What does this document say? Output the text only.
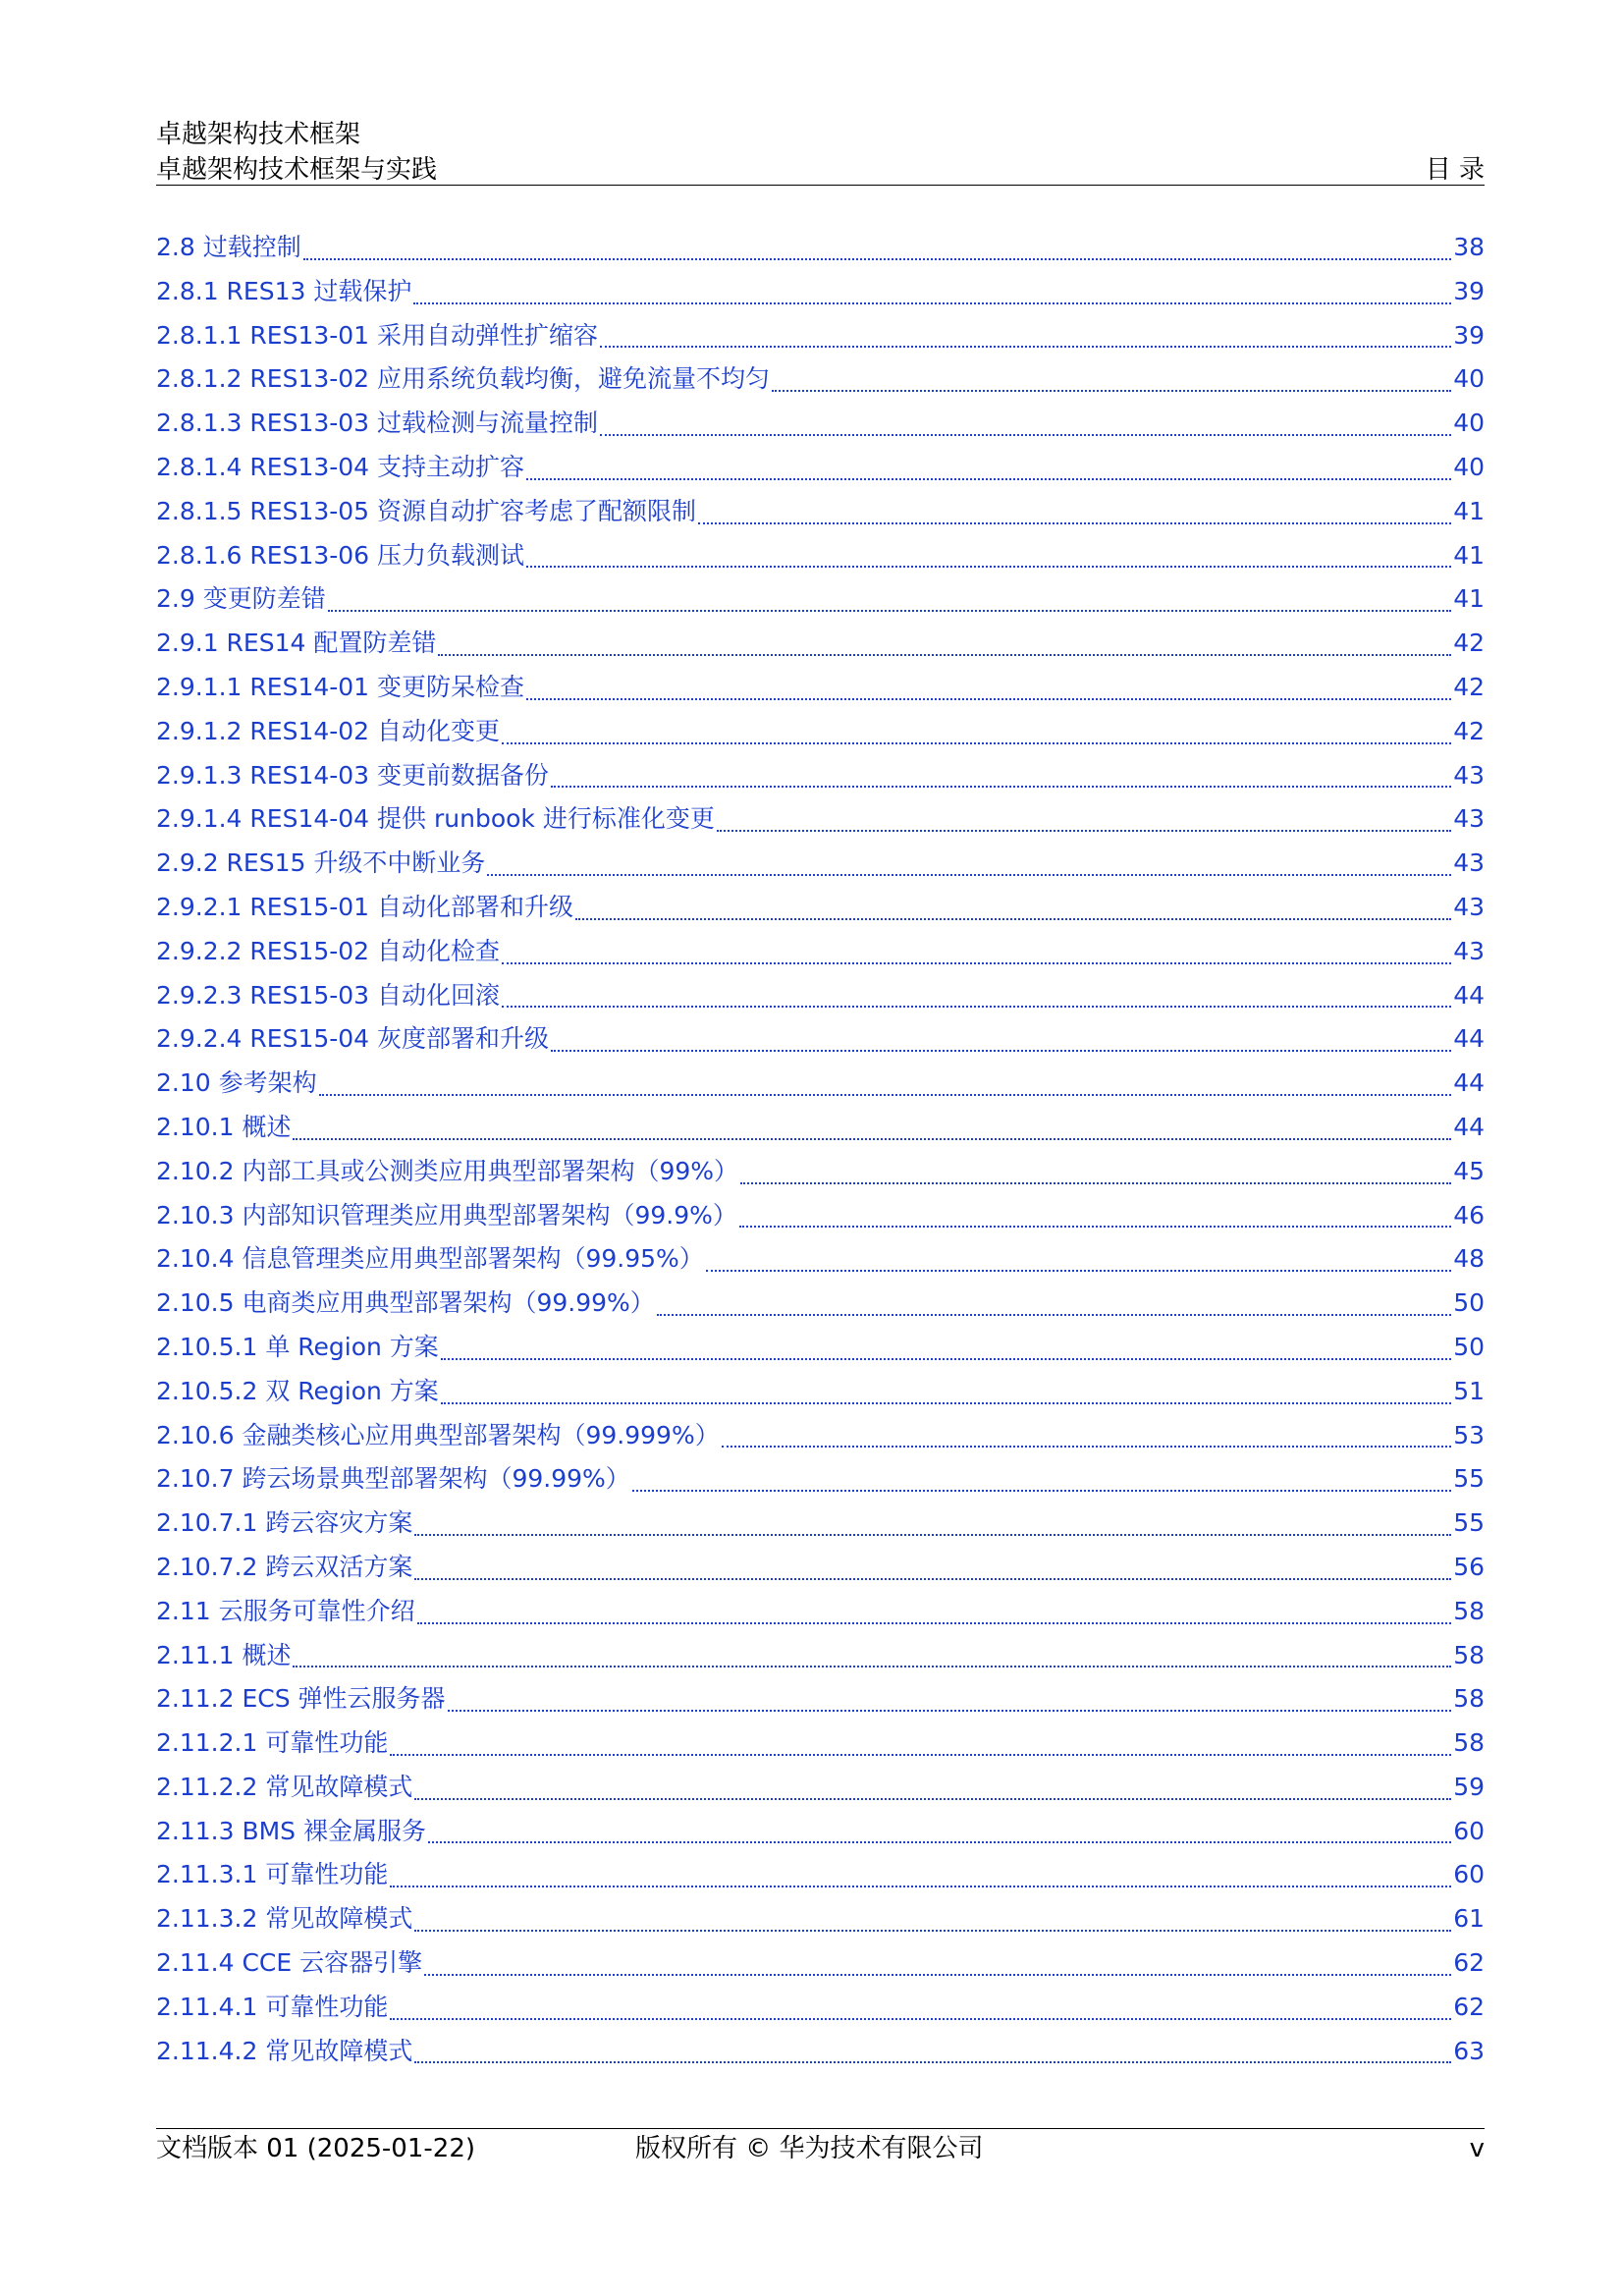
卓越架构技术框架
卓越架构技术框架与实践	目 录
2.8 过载控制	38
2.8.1 RES13 过载保护	39
2.8.1.1 RES13-01 采用自动弹性扩缩容	39
2.8.1.2 RES13-02 应用系统负载均衡，避免流量不均匀	40
2.8.1.3 RES13-03 过载检测与流量控制	40
2.8.1.4 RES13-04 支持主动扩容	40
2.8.1.5 RES13-05 资源自动扩容考虑了配额限制	41
2.8.1.6 RES13-06 压力负载测试	41
2.9 变更防差错	41
2.9.1 RES14 配置防差错	42
2.9.1.1 RES14-01 变更防呆检查	42
2.9.1.2 RES14-02 自动化变更	42
2.9.1.3 RES14-03 变更前数据备份	43
2.9.1.4 RES14-04 提供 runbook 进行标准化变更	43
2.9.2 RES15 升级不中断业务	43
2.9.2.1 RES15-01 自动化部署和升级	43
2.9.2.2 RES15-02 自动化检查	43
2.9.2.3 RES15-03 自动化回滚	44
2.9.2.4 RES15-04 灰度部署和升级	44
2.10 参考架构	44
2.10.1 概述	44
2.10.2 内部工具或公测类应用典型部署架构（99%）	45
2.10.3 内部知识管理类应用典型部署架构（99.9%）	46
2.10.4 信息管理类应用典型部署架构（99.95%）	48
2.10.5 电商类应用典型部署架构（99.99%）	50
2.10.5.1 单 Region 方案	50
2.10.5.2 双 Region 方案	51
2.10.6 金融类核心应用典型部署架构（99.999%）	53
2.10.7 跨云场景典型部署架构（99.99%）	55
2.10.7.1 跨云容灾方案	55
2.10.7.2 跨云双活方案	56
2.11 云服务可靠性介绍	58
2.11.1 概述	58
2.11.2 ECS 弹性云服务器	58
2.11.2.1 可靠性功能	58
2.11.2.2 常见故障模式	59
2.11.3 BMS 裸金属服务	60
2.11.3.1 可靠性功能	60
2.11.3.2 常见故障模式	61
2.11.4 CCE 云容器引擎	62
2.11.4.1 可靠性功能	62
2.11.4.2 常见故障模式	63
文档版本 01 (2025-01-22)	版权所有 © 华为技术有限公司	v
